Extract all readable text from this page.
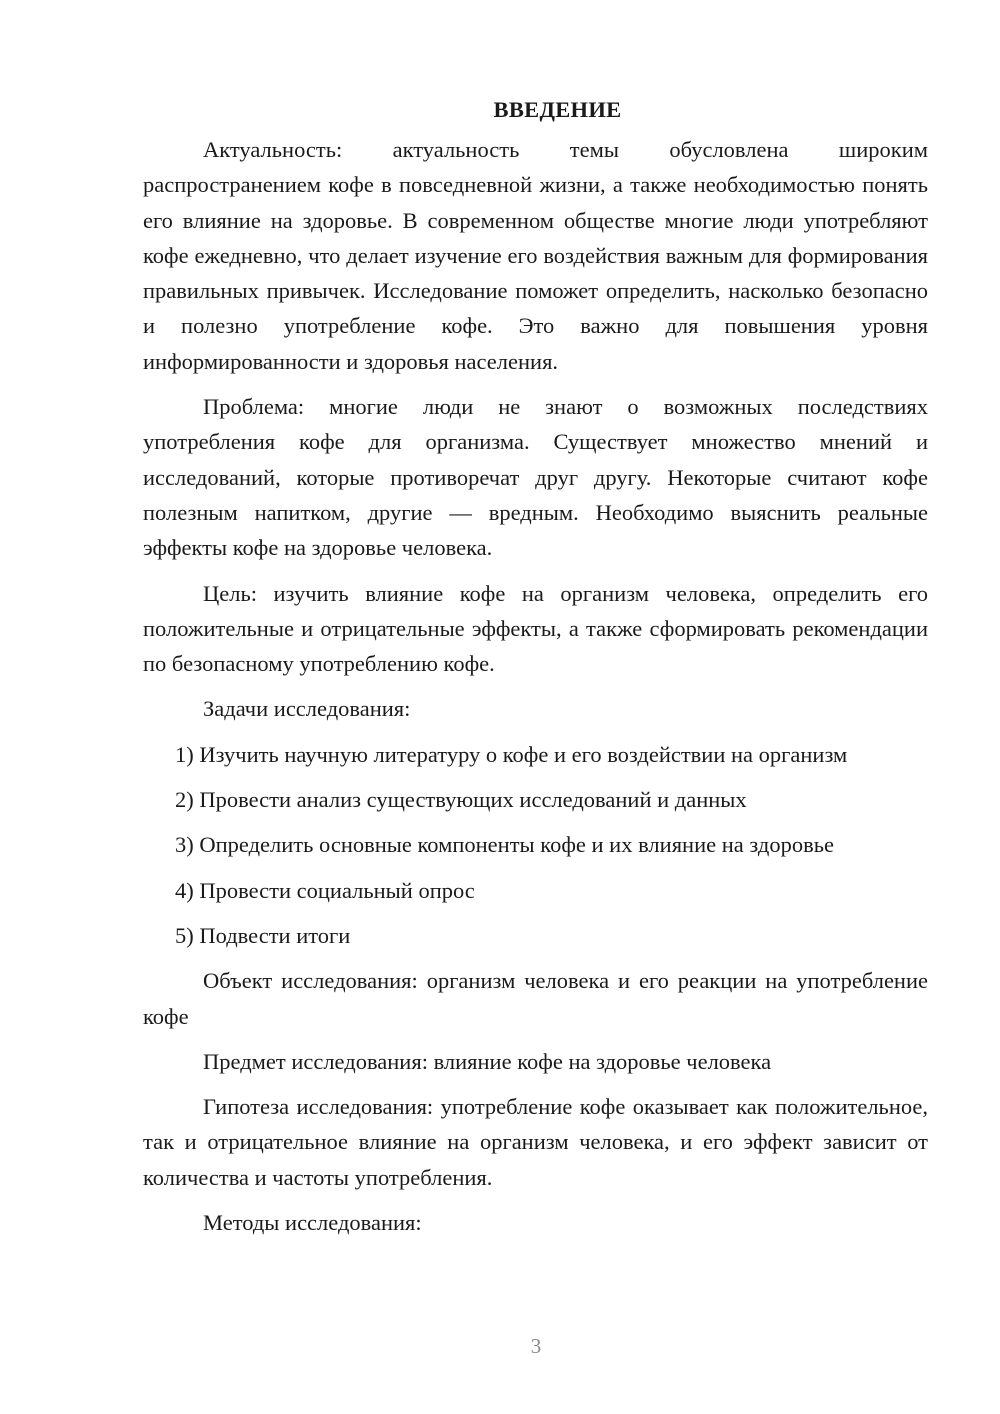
ВВЕДЕНИЕ

Актуальность: актуальность темы обусловлена широким распространением кофе в повседневной жизни, а также необходимостью понять его влияние на здоровье. В современном обществе многие люди употребляют кофе ежедневно, что делает изучение его воздействия важным для формирования правильных привычек. Исследование поможет определить, насколько безопасно и полезно употребление кофе. Это важно для повышения уровня информированности и здоровья населения.

Проблема: многие люди не знают о возможных последствиях употребления кофе для организма. Существует множество мнений и исследований, которые противоречат друг другу. Некоторые считают кофе полезным напитком, другие — вредным. Необходимо выяснить реальные эффекты кофе на здоровье человека.

Цель: изучить влияние кофе на организм человека, определить его положительные и отрицательные эффекты, а также сформировать рекомендации по безопасному употреблению кофе.

Задачи исследования:

1) Изучить научную литературу о кофе и его воздействии на организм
2) Провести анализ существующих исследований и данных
3) Определить основные компоненты кофе и их влияние на здоровье
4) Провести социальный опрос
5) Подвести итоги

Объект исследования: организм человека и его реакции на употребление кофе

Предмет исследования: влияние кофе на здоровье человека

Гипотеза исследования: употребление кофе оказывает как положительное, так и отрицательное влияние на организм человека, и его эффект зависит от количества и частоты употребления.

Методы исследования:

3
